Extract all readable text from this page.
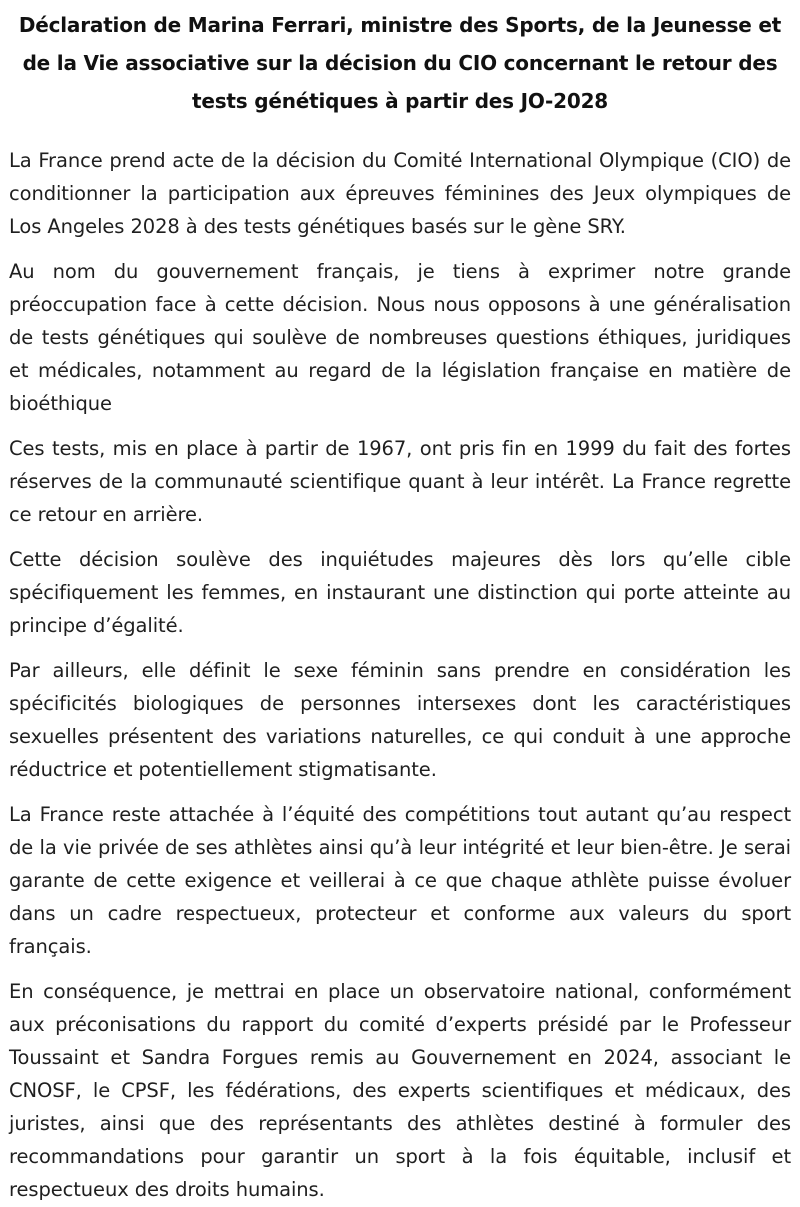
Déclaration de Marina Ferrari, ministre des Sports, de la Jeunesse et de la Vie associative sur la décision du CIO concernant le retour des tests génétiques à partir des JO-2028

La France prend acte de la décision du Comité International Olympique (CIO) de conditionner la participation aux épreuves féminines des Jeux olympiques de Los Angeles 2028 à des tests génétiques basés sur le gène SRY.

Au nom du gouvernement français, je tiens à exprimer notre grande préoccupation face à cette décision. Nous nous opposons à une généralisation de tests génétiques qui soulève de nombreuses questions éthiques, juridiques et médicales, notamment au regard de la législation française en matière de bioéthique

Ces tests, mis en place à partir de 1967, ont pris fin en 1999 du fait des fortes réserves de la communauté scientifique quant à leur intérêt. La France regrette ce retour en arrière.

Cette décision soulève des inquiétudes majeures dès lors qu’elle cible spécifiquement les femmes, en instaurant une distinction qui porte atteinte au principe d’égalité.

Par ailleurs, elle définit le sexe féminin sans prendre en considération les spécificités biologiques de personnes intersexes dont les caractéristiques sexuelles présentent des variations naturelles, ce qui conduit à une approche réductrice et potentiellement stigmatisante.

La France reste attachée à l’équité des compétitions tout autant qu’au respect de la vie privée de ses athlètes ainsi qu’à leur intégrité et leur bien-être. Je serai garante de cette exigence et veillerai à ce que chaque athlète puisse évoluer dans un cadre respectueux, protecteur et conforme aux valeurs du sport français.

En conséquence, je mettrai en place un observatoire national, conformément aux préconisations du rapport du comité d’experts présidé par le Professeur Toussaint et Sandra Forgues remis au Gouvernement en 2024, associant le CNOSF, le CPSF, les fédérations, des experts scientifiques et médicaux, des juristes, ainsi que des représentants des athlètes destiné à formuler des recommandations pour garantir un sport à la fois équitable, inclusif et respectueux des droits humains.
